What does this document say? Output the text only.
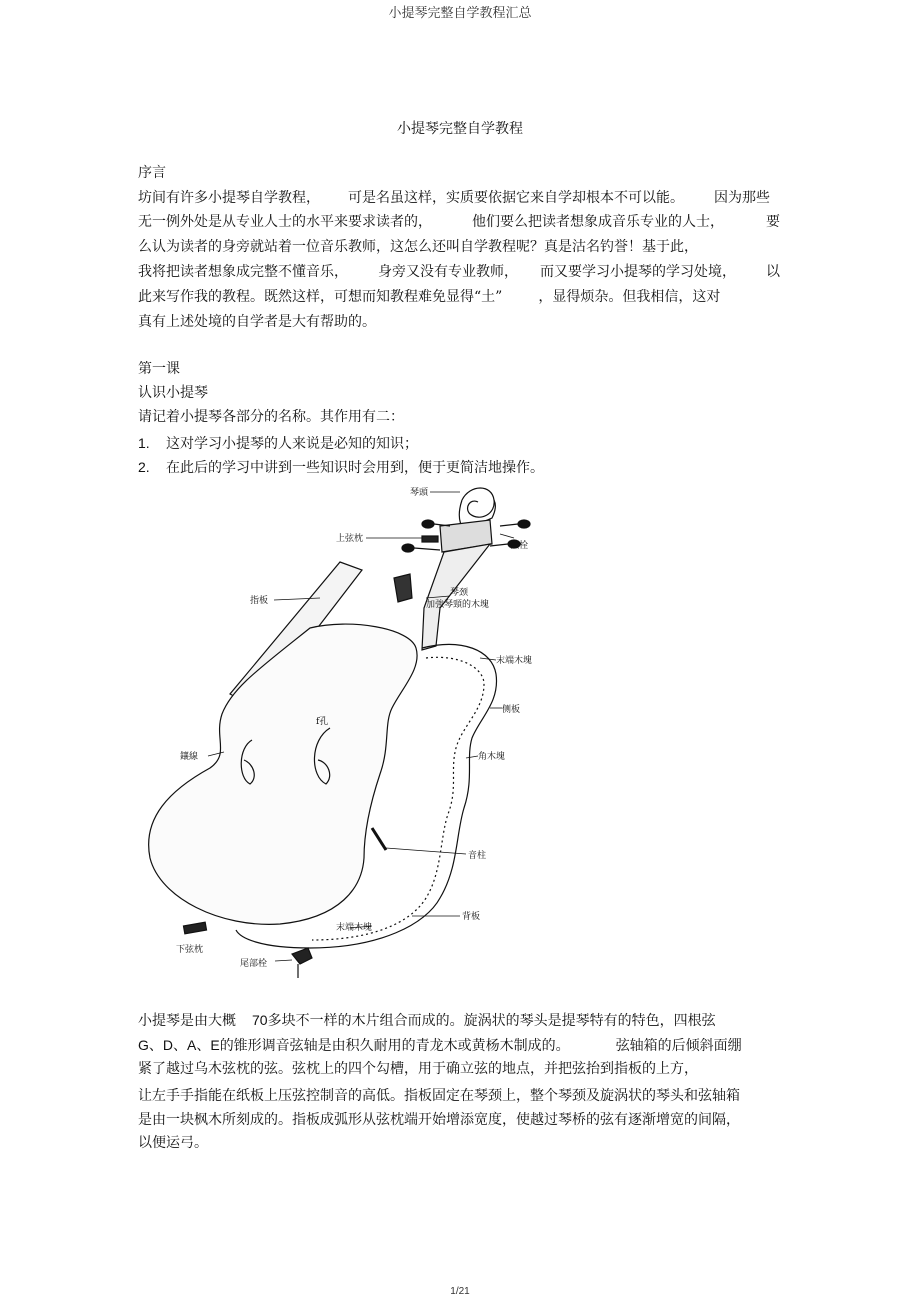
小提琴完整自学教程汇总
小提琴完整自学教程
序言
坊间有许多小提琴自学教程， 可是名虽这样，实质要依据它来自学却根本不可以能。 因为那些
无一例外处是从专业人士的水平来要求读者的，	他们要么把读者想象成音乐专业的人士，	要
么认为读者的身旁就站着一位音乐教师，这怎么还叫自学教程呢？真是沽名钓誉！基于此，
我将把读者想象成完整不懂音乐， 身旁又没有专业教师， 而又要学习小提琴的学习处境， 以
此来写作我的教程。既然这样，可想而知教程难免显得“土”	，显得烦杂。但我相信，这对
真有上述处境的自学者是大有帮助的。
第一课
认识小提琴
请记着小提琴各部分的名称。其作用有二：
1. 这对学习小提琴的人来说是必知的知识；
2. 在此后的学习中讲到一些知识时会用到，便于更简洁地操作。
琴頭
上弦枕
弦栓
指板
琴颈
加強琴頸的木塊
末端木塊
侧板
鑲線
f孔
角木塊
音柱
背板
末端木塊
下弦枕
尾部栓
小提琴是由大概 70多块不一样的木片组合而成的。旋涡状的琴头是提琴特有的特色，四根弦
G、D、A、E的锥形调音弦轴是由积久耐用的青龙木或黄杨木制成的。	弦轴箱的后倾斜面绷
紧了越过乌木弦枕的弦。弦枕上的四个勾槽，用于确立弦的地点，并把弦抬到指板的上方，
让左手手指能在纸板上压弦控制音的高低。指板固定在琴颈上，整个琴颈及旋涡状的琴头和弦轴箱
是由一块枫木所刻成的。指板成弧形从弦枕端开始增添宽度，使越过琴桥的弦有逐渐增宽的间隔，
以便运弓。
1/21
